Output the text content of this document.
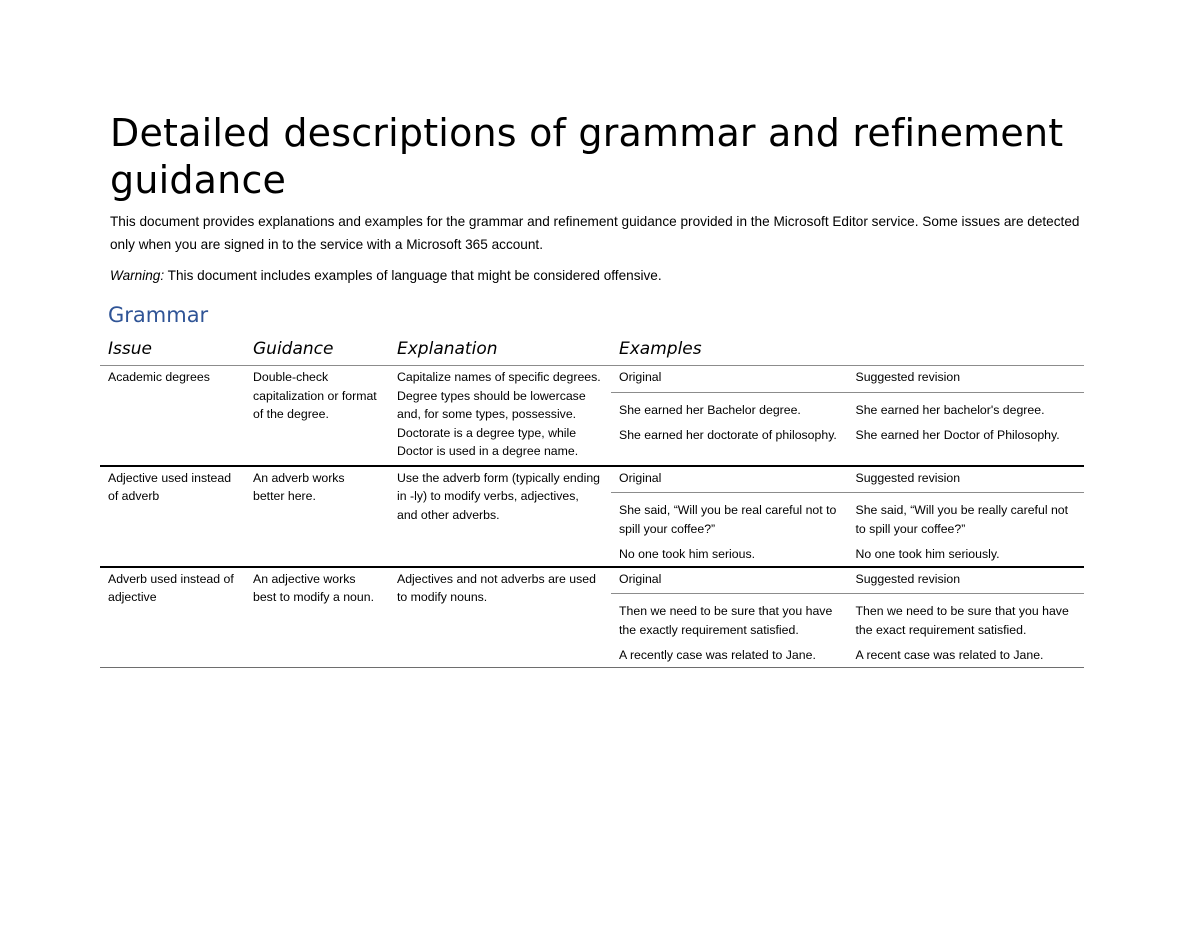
Detailed descriptions of grammar and refinement guidance

This document provides explanations and examples for the grammar and refinement guidance provided in the Microsoft Editor service. Some issues are detected only when you are signed in to the service with a Microsoft 365 account.

Warning: This document includes examples of language that might be considered offensive.

Grammar
Issue	Guidance	Explanation	Examples
Academic degrees	Double-check capitalization or format of the degree.	Capitalize names of specific degrees. Degree types should be lowercase and, for some types, possessive. Doctorate is a degree type, while Doctor is used in a degree name.	
Original	Suggested revision
She earned her Bachelor degree.	She earned her bachelor's degree.
She earned her doctorate of philosophy.	She earned her Doctor of Philosophy.

Adjective used instead of adverb	An adverb works better here.	Use the adverb form (typically ending in -ly) to modify verbs, adjectives, and other adverbs.	
Original	Suggested revision
She said, “Will you be real careful not to spill your coffee?”	She said, “Will you be really careful not to spill your coffee?”
No one took him serious.	No one took him seriously.

Adverb used instead of adjective	An adjective works best to modify a noun.	Adjectives and not adverbs are used to modify nouns.	
Original	Suggested revision
Then we need to be sure that you have the exactly requirement satisfied.	Then we need to be sure that you have the exact requirement satisfied.
A recently case was related to Jane.	A recent case was related to Jane.
